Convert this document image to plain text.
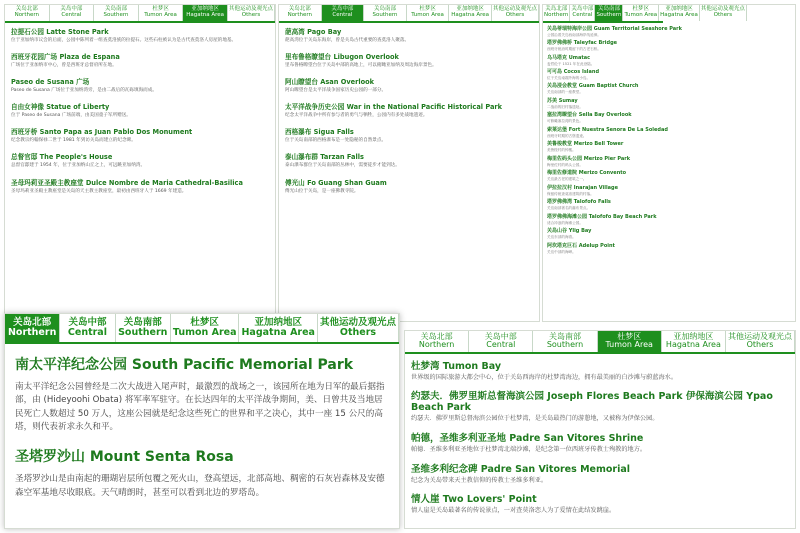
关岛北部
Northern
关岛中部
Central
关岛南部
Southern
杜梦区
Tumon Area
亚加纳地区
Hagatna Area
其他运动及观光点
Others
拉提石公园 Latte Stone Park
位于亚加纳市议会的后面，公园中陈列着一组查莫洛族的拉提石。这些石柱被认为是古代查莫洛人房屋的地基。
西班牙花园广场 Plaza de Espana
广场位于亚加纳市中心，曾是西班牙总督府所在地。
Paseo de Susana 广场
Paseo de Susana 广场位于亚加纳湾旁，是由二战后的瓦砾填海而成。
自由女神像 Statue of Liberty
位于 Paseo de Susana 广场前端，由美国童子军所赠送。
西班牙桥 Santo Papa as Juan Pablo Dos Monument
纪念教宗约翰保禄二世于 1981 年到访关岛而建立的纪念碑。
总督官邸 The People's House
总督官邸建于 1954 年，位于亚加纳山丘之上，可远眺亚加纳湾。
圣母玛莉亚圣殿主教座堂 Dulce Nombre de Maria Cathedral-Basilica
圣母玛莉亚圣殿主教座堂是关岛的天主教主教座堂，最初由西班牙人于 1669 年建造。
关岛北部
Northern
关岛中部
Central
关岛南部
Southern
杜梦区
Tumon Area
亚加纳地区
Hagatna Area
其他运动及观光点
Others
葩高湾 Pago Bay
葩高湾位于关岛东海岸，曾是关岛古代重要的查莫洛人聚落。
里布鲁格瞭望台 Libugon Overlook
里布鲁格瞭望台位于关岛中部的高地上，可以俯瞰亚加纳及周边海岸景色。
阿山瞭望台 Asan Overlook
阿山瞭望台是太平洋战争国家历史公园的一部分。
太平洋战争历史公园 War in the National Pacific Historical Park
纪念太平洋战争中所有参与者的勇气与牺牲，公园内有多处战地遗迹。
西格瀑布 Sigua Falls
位于关岛南部的西格瀑布是一处隐秘的自然景点。
泰山瀑布群 Tarzan Falls
泰山瀑布群位于关岛南部的丛林中，需要徒步才能到达。
傅光山 Fo Guang Shan Guam
傅光山位于关岛，是一座佛教寺院。
关岛北部
Northern
关岛中部
Central
关岛南部
Southern
杜梦区
Tumon Area
亚加纳地区
Hagatna Area
其他运动及观光点
Others
关岛蒂瑞特海岸公园 Guam Territorial Seashore Park
公园沿着关岛西南部海岸线延伸。
塔罗佛佛桥 Taleyfac Bridge
西班牙统治时期留下的古老石桥。
乌马塔克 Umatac
麦哲伦于 1521 年在此登陆。
可可岛 Cocos Island
位于关岛南端外海的小岛。
关岛浸会教堂 Guam Baptist Church
关岛南部的一座教堂。
苏美 Sumay
二战前的旧村落遗址。
塞拉湾瞭望台 Sella Bay Overlook
可俯瞰塞拉湾的景色。
索莱达堡 Fort Nuestra Senora De La Soledad
西班牙时期的古堡遗迹。
美鲁梭教堂 Merizo Bell Tower
美鲁梭村的钟楼。
梅里佐码头公园 Merizo Pier Park
梅里佐村的码头公园。
梅里佐修道院 Merizo Convento
关岛最古老的建筑之一。
伊拉拉汉村 Inarajan Village
保留传统查莫洛建筑的村落。
塔罗佛佛湾 Talofofo Falls
关岛南部著名的瀑布景点。
塔罗佛佛海滩公园 Talofofo Bay Beach Park
适合冲浪的海滩公园。
关岛山谷 Ylig Bay
关岛东部的海湾。
阿坎塔克巨石 Adelup Point
关岛中部的海岬。
关岛北部
Northern
关岛中部
Central
关岛南部
Southern
杜梦区
Tumon Area
亚加纳地区
Hagatna Area
其他运动及观光点
Others
南太平洋纪念公园 South Pacific Memorial Park
南太平洋纪念公园曾经是二次大战进入尾声时，最激烈的战场之一，该园所在地为日军的最后据指部，由 (Hideyoohi Obata) 将军率军驻守。在长达四年的太平洋战争期间，美、日曾共及当地居民死亡人数超过 50 万人，这座公园就是纪念这些死亡的世界和平之决心，其中一座 15 公尺的高塔，则代表祈求永久和平。
圣塔罗沙山 Mount Senta Rosa
圣塔罗沙山是由南起的珊瑚岩层所包覆之死火山，登高望远，北部高地、稠密的石灰岩森林及安德森空军基地尽收眼底。天气晴朗时，甚至可以看到北边的罗塔岛。
关岛北部
Northern
关岛中部
Central
关岛南部
Southern
杜梦区
Tumon Area
亚加纳地区
Hagatna Area
其他运动及观光点
Others
杜梦湾 Tumon Bay
世界级的国际旅游大都会中心，位于关岛西海岸的杜梦湾海边，拥有最美丽的白沙滩与蔚蓝海水。
约瑟夫．佛罗里斯总督海滨公园 Joseph Flores Beach Park 伊保海滨公园 Ypao Beach Park
约瑟夫．佛罗里斯总督海滨公园位于杜梦湾，是关岛最热门的游憩地，又被称为伊保公园。
帕德，圣维多利亚圣地 Padre San Vitores Shrine
帕德．圣维多利亚圣地位于杜梦湾北端沙滩，是纪念第一位西班牙传教士殉教的地方。
圣维多利纪念碑 Padre San Vitores Memorial
纪念为关岛带来天主教信仰的传教士圣维多利亚。
情人崖 Two Lovers' Point
情人崖是关岛最著名的传说景点，一对查莫洛恋人为了爱情在此结发跳崖。
